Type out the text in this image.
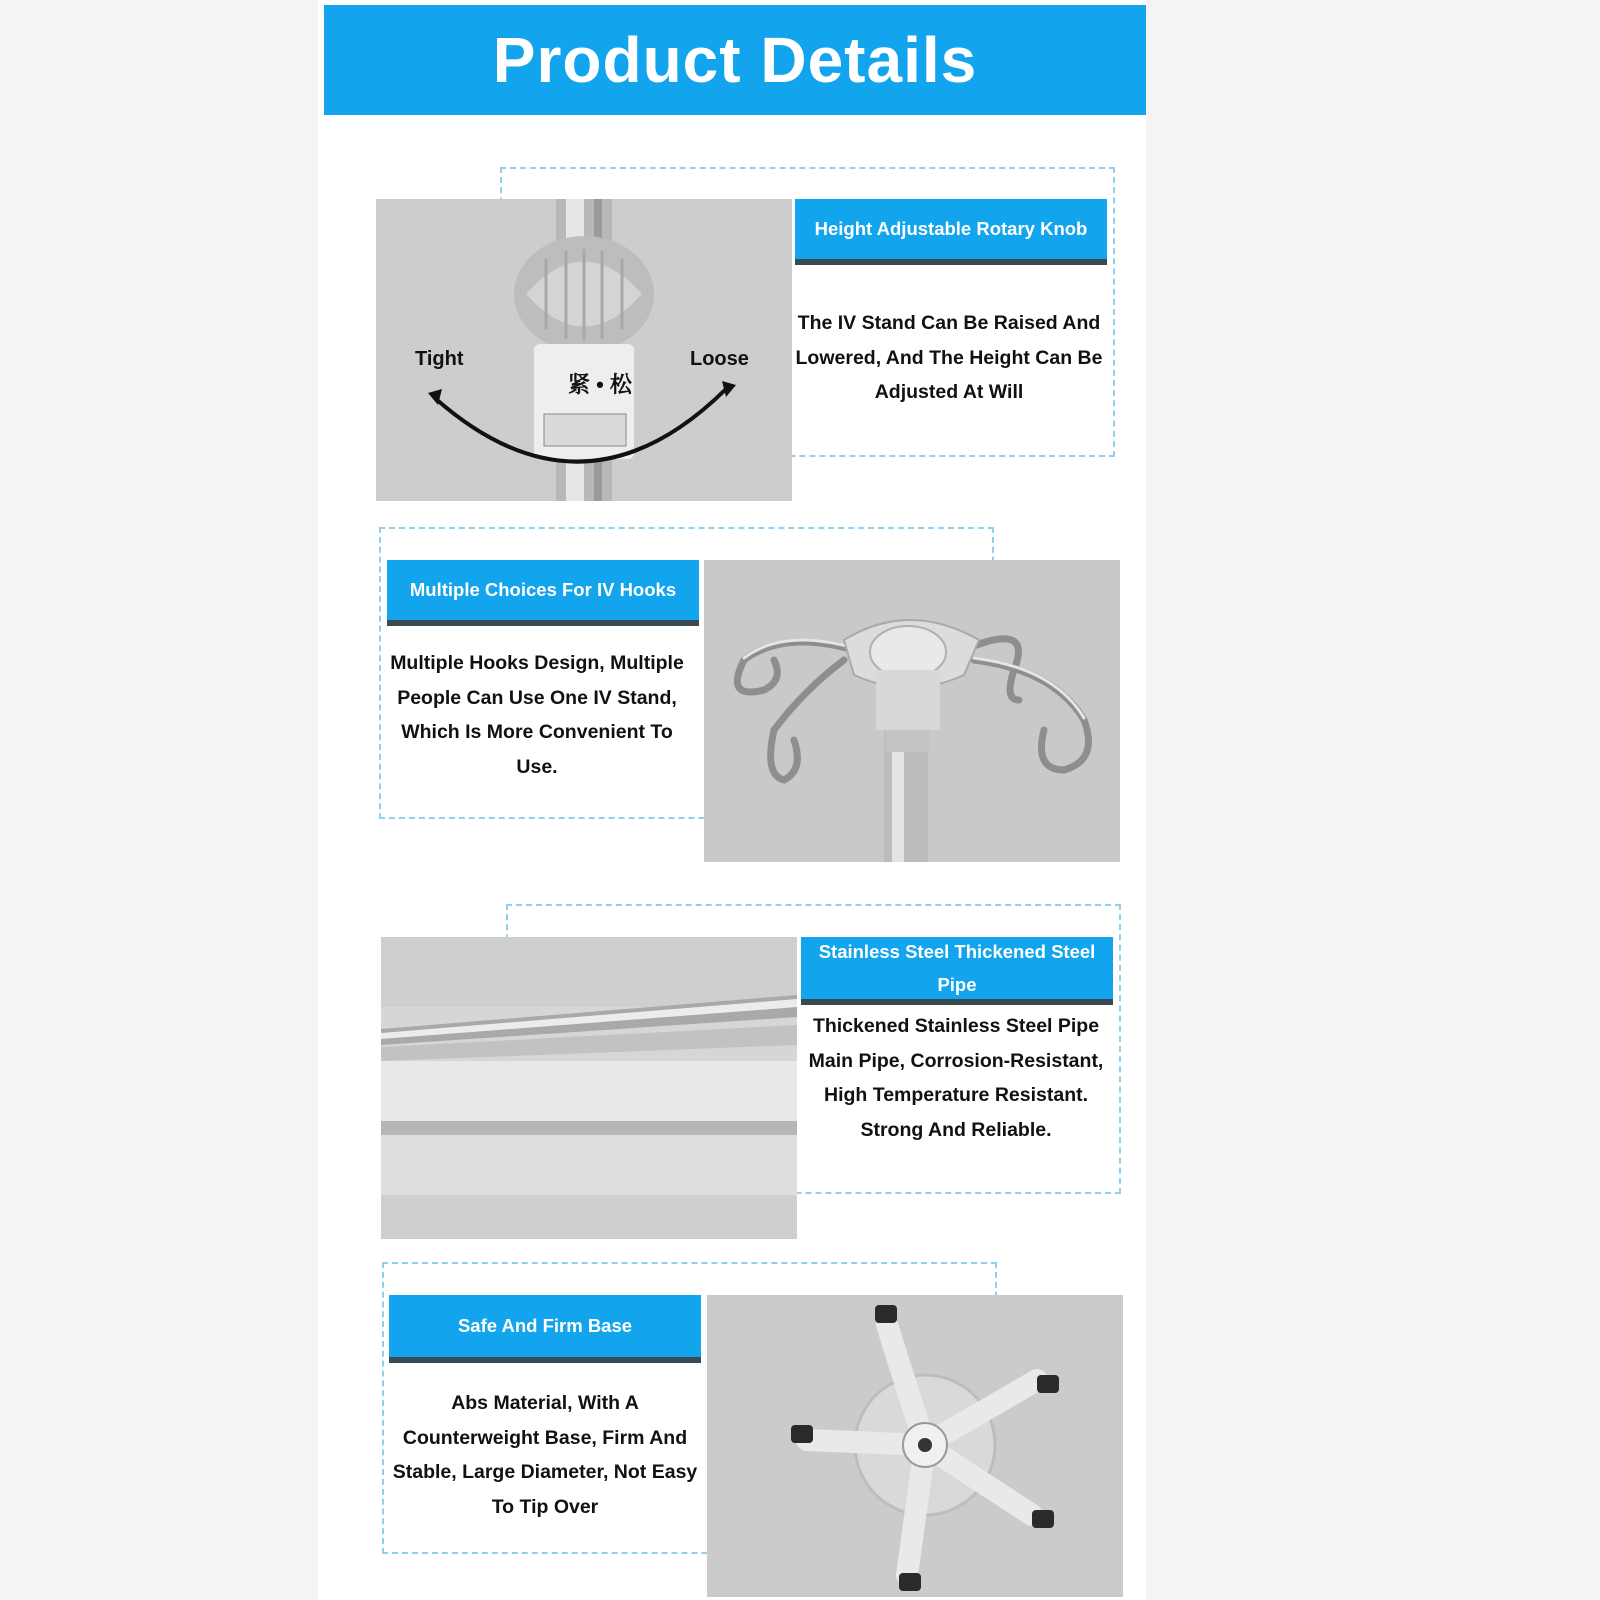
Product Details
Tight	Loose
紧 • 松
Height Adjustable Rotary Knob
The IV Stand Can Be Raised And Lowered, And The Height Can Be Adjusted At Will
Multiple Choices For IV Hooks
Multiple Hooks Design, Multiple People Can Use One IV Stand, Which Is More Convenient To Use.
Stainless Steel Thickened Steel Pipe
Thickened Stainless Steel Pipe Main Pipe, Corrosion-Resistant, High Temperature Resistant. Strong And Reliable.
Safe And Firm Base
Abs Material, With A Counterweight Base, Firm And Stable, Large Diameter, Not Easy To Tip Over
